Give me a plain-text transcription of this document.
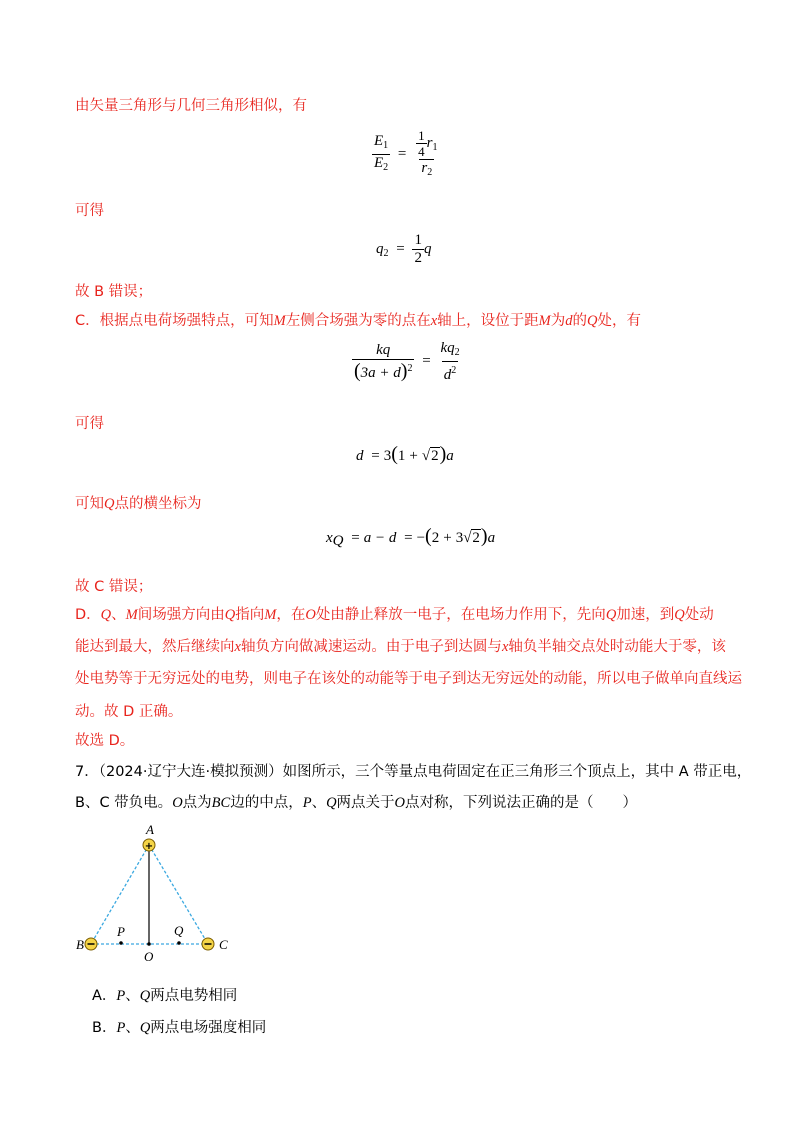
由矢量三角形与几何三角形相似，有
$\frac{E_1}{E_2} = \frac{\frac{1}{4} r_1}{r_2}$
可得
$q_2 = \frac{1}{2}$ q
故 B 错误；
C．根据点电荷场强特点，可知M左侧合场强为零的点在x轴上，设位于距M为d的Q处，有
$\frac{kq}{(3a + d)^2} = \frac{kq_2}{d^2}$
可得
d = 3(1 + √2)a
可知Q点的横坐标为
$x_Q = a - d = -(2 + 3√2)a$
故 C 错误；
D．Q、M间场强方向由Q指向M，在O处由静止释放一电子，在电场力作用下，先向Q加速，到Q处动
能达到最大，然后继续向x轴负方向做减速运动。由于电子到达圆与x轴负半轴交点处时动能大于零，该
处电势等于无穷远处的电势，则电子在该处的动能等于电子到达无穷远处的动能，所以电子做单向直线运
动。故 D 正确。
故选 D。
7．（2024·辽宁大连·模拟预测）如图所示，三个等量点电荷固定在正三角形三个顶点上，其中 A 带正电，
B、C 带负电。O点为BC边的中点，P、Q两点关于O点对称，下列说法正确的是（　　）
+
A
B	C
O
P	Q
A．P、Q两点电势相同
B．P、Q两点电场强度相同
